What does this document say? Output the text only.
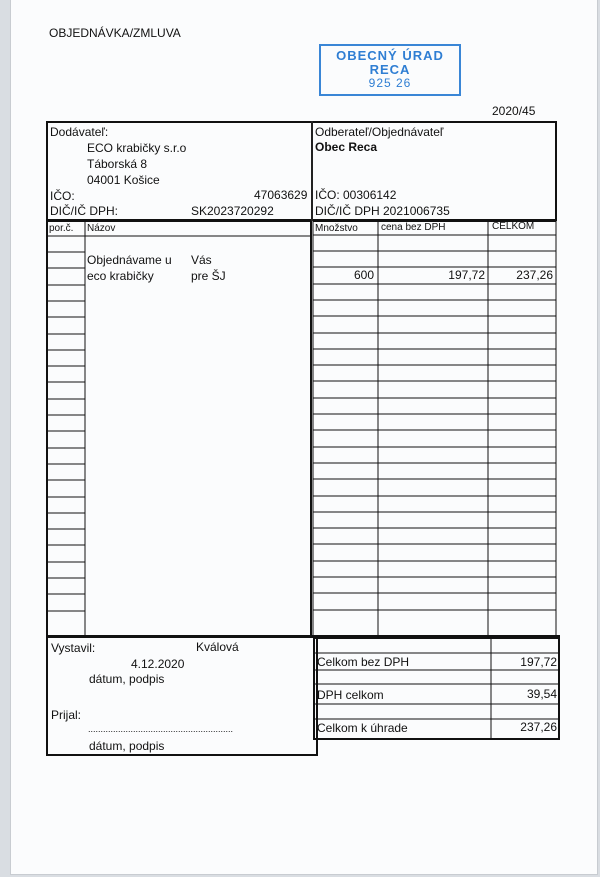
OBJEDNÁVKA/ZMLUVA
OBECNÝ ÚRAD
RECA
925 26
2020/45
Dodávateľ:
ECO krabičky s.r.o
Táborská 8
04001 Košice
IČO:	47063629
DIČ/IČ DPH:	SK2023720292
Odberateľ/Objednávateľ
Obec Reca
IČO: 00306142
DIČ/IČ DPH 2021006735
por.č. Názov	Množstvo cena bez DPH	CELKOM
Objednávame u Vás
eco krabičky	pre ŠJ	600	197,72	237,26
Vystavil:	Kválová
4.12.2020
dátum, podpis
Prijal:
..........................................................
dátum, podpis
Celkom bez DPH	197,72
DPH celkom	39,54
Celkom k úhrade	237,26
